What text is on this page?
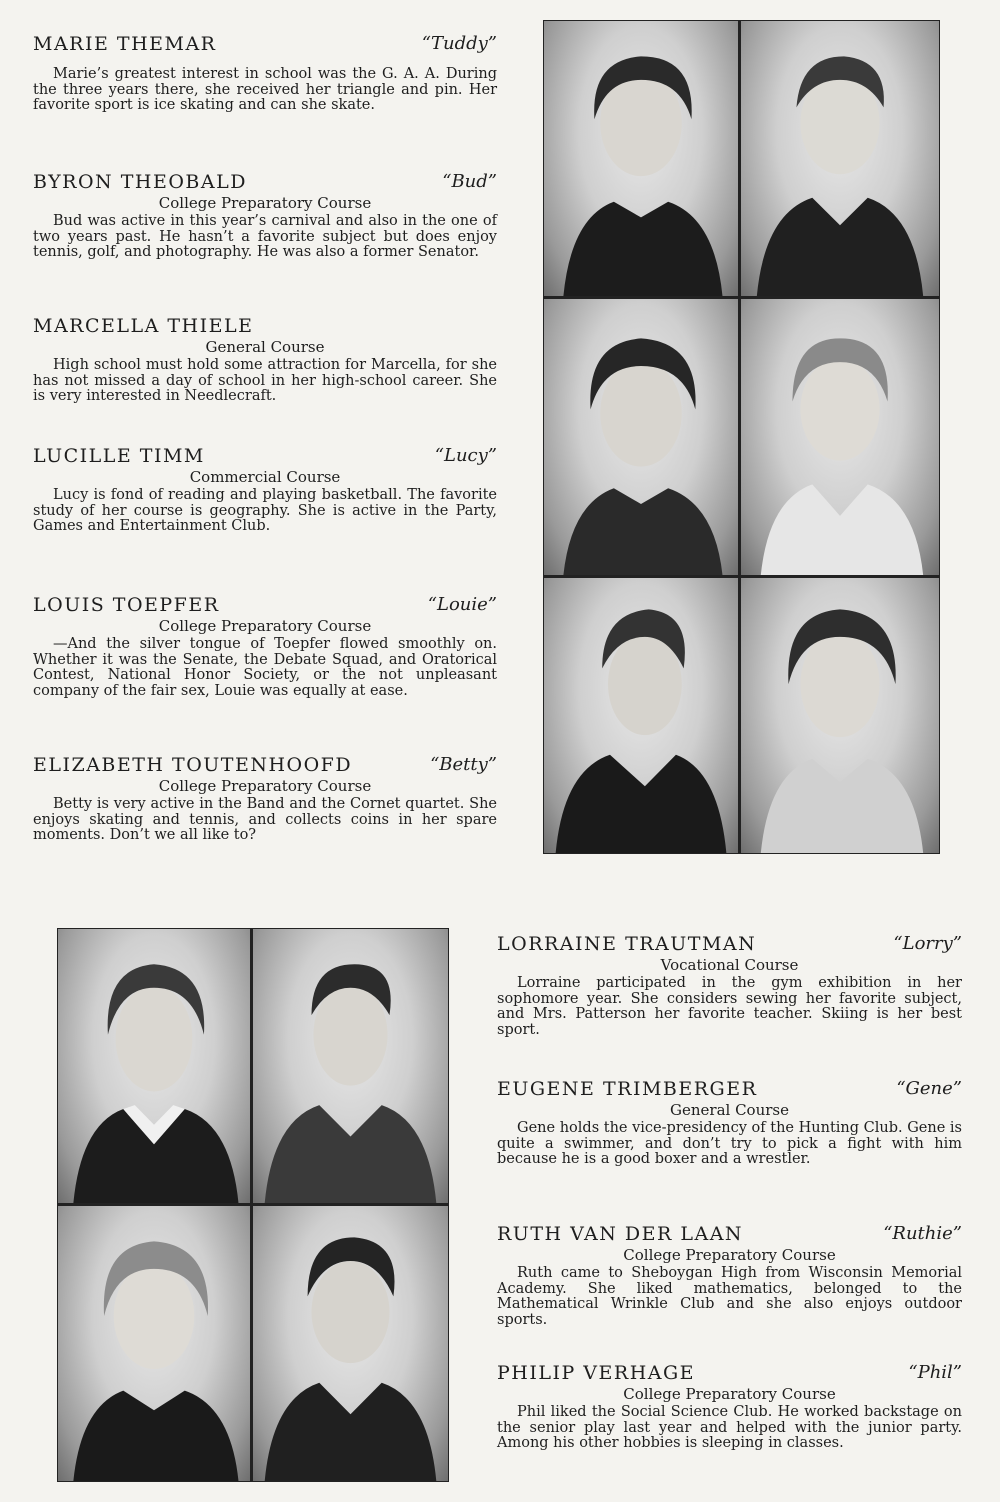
MARIE THEMAR	“Tuddy”

Marie’s greatest interest in school was the G. A. A. During the three years there, she received her triangle and pin. Her favorite sport is ice skating and can she skate.

BYRON THEOBALD	“Bud”
College Preparatory Course

Bud was active in this year’s carnival and also in the one of two years past. He hasn’t a favorite subject but does enjoy tennis, golf, and photography. He was also a former Senator.

MARCELLA THIELE
General Course

High school must hold some attraction for Marcella, for she has not missed a day of school in her high-school career. She is very interested in Needlecraft.

LUCILLE TIMM	“Lucy”
Commercial Course

Lucy is fond of reading and playing basketball. The favorite study of her course is geography. She is active in the Party, Games and Entertainment Club.

LOUIS TOEPFER	“Louie”
College Preparatory Course

—And the silver tongue of Toepfer flowed smoothly on. Whether it was the Senate, the Debate Squad, and Oratorical Contest, National Honor Society, or the not unpleasant company of the fair sex, Louie was equally at ease.

ELIZABETH TOUTENHOOFD	“Betty”
College Preparatory Course

Betty is very active in the Band and the Cornet quartet. She enjoys skating and tennis, and collects coins in her spare moments. Don’t we all like to?

LORRAINE TRAUTMAN	“Lorry”
Vocational Course

Lorraine participated in the gym exhibition in her sophomore year. She considers sewing her favorite subject, and Mrs. Patterson her favorite teacher. Skiing is her best sport.

EUGENE TRIMBERGER	“Gene”
General Course

Gene holds the vice-presidency of the Hunting Club. Gene is quite a swimmer, and don’t try to pick a fight with him because he is a good boxer and a wrestler.

RUTH VAN DER LAAN	“Ruthie”
College Preparatory Course

Ruth came to Sheboygan High from Wisconsin Memorial Academy. She liked mathematics, belonged to the Mathematical Wrinkle Club and she also enjoys outdoor sports.

PHILIP VERHAGE	“Phil”
College Preparatory Course

Phil liked the Social Science Club. He worked backstage on the senior play last year and helped with the junior party. Among his other hobbies is sleeping in classes.
